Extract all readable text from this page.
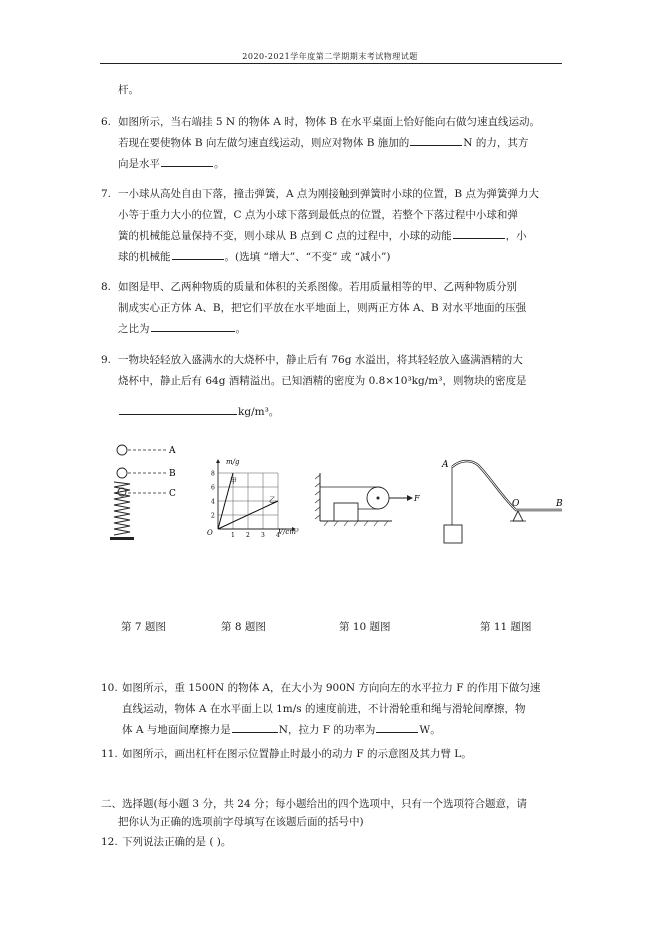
2020-2021学年度第二学期期末考试物理试题
杆。
6. 如图所示，当右端挂 5 N 的物体 A 时，物体 B 在水平桌面上恰好能向右做匀速直线运动。
若现在要使物体 B 向左做匀速直线运动，则应对物体 B 施加的	N 的力，其方
向是水平	。
7. 一小球从高处自由下落，撞击弹簧，A 点为刚接触到弹簧时小球的位置，B 点为弹簧弹力大
小等于重力大小的位置，C 点为小球下落到最低点的位置，若整个下落过程中小球和弹
簧的机械能总量保持不变，则小球从 B 点到 C 点的过程中，小球的动能	，小
球的机械能	。(选填 “增大”、“不变” 或 “减小”)
8. 如图是甲、乙两种物质的质量和体积的关系图像。若用质量相等的甲、乙两种物质分别
制成实心正方体 A、B，把它们平放在水平地面上，则两正方体 A、B 对水平地面的压强
之比为	。
9. 一物块轻轻放入盛满水的大烧杯中，静止后有 76g 水溢出，将其轻轻放入盛满酒精的大
烧杯中，静止后有 64g 酒精溢出。已知酒精的密度为 0.8×10³kg/m³，则物块的密度是
kg/m³。
A
B
C
8
6
4
2
1 2 3 4
m/g
V/cm³
O
甲
乙	F
A
O	B
第 7 题图	第 8 题图	第 10 题图	第 11 题图
10. 如图所示，重 1500N 的物体 A，在大小为 900N 方向向左的水平拉力 F 的作用下做匀速
直线运动，物体 A 在水平面上以 1m/s 的速度前进，不计滑轮重和绳与滑轮间摩擦，物
体 A 与地面间摩擦力是	N，拉力 F 的功率为	W。
11. 如图所示，画出杠杆在图示位置静止时最小的动力 F 的示意图及其力臂 L。
二、选择题(每小题 3 分，共 24 分；每小题给出的四个选项中，只有一个选项符合题意，请
把你认为正确的选项前字母填写在该题后面的括号中)
12. 下列说法正确的是 ( )。
